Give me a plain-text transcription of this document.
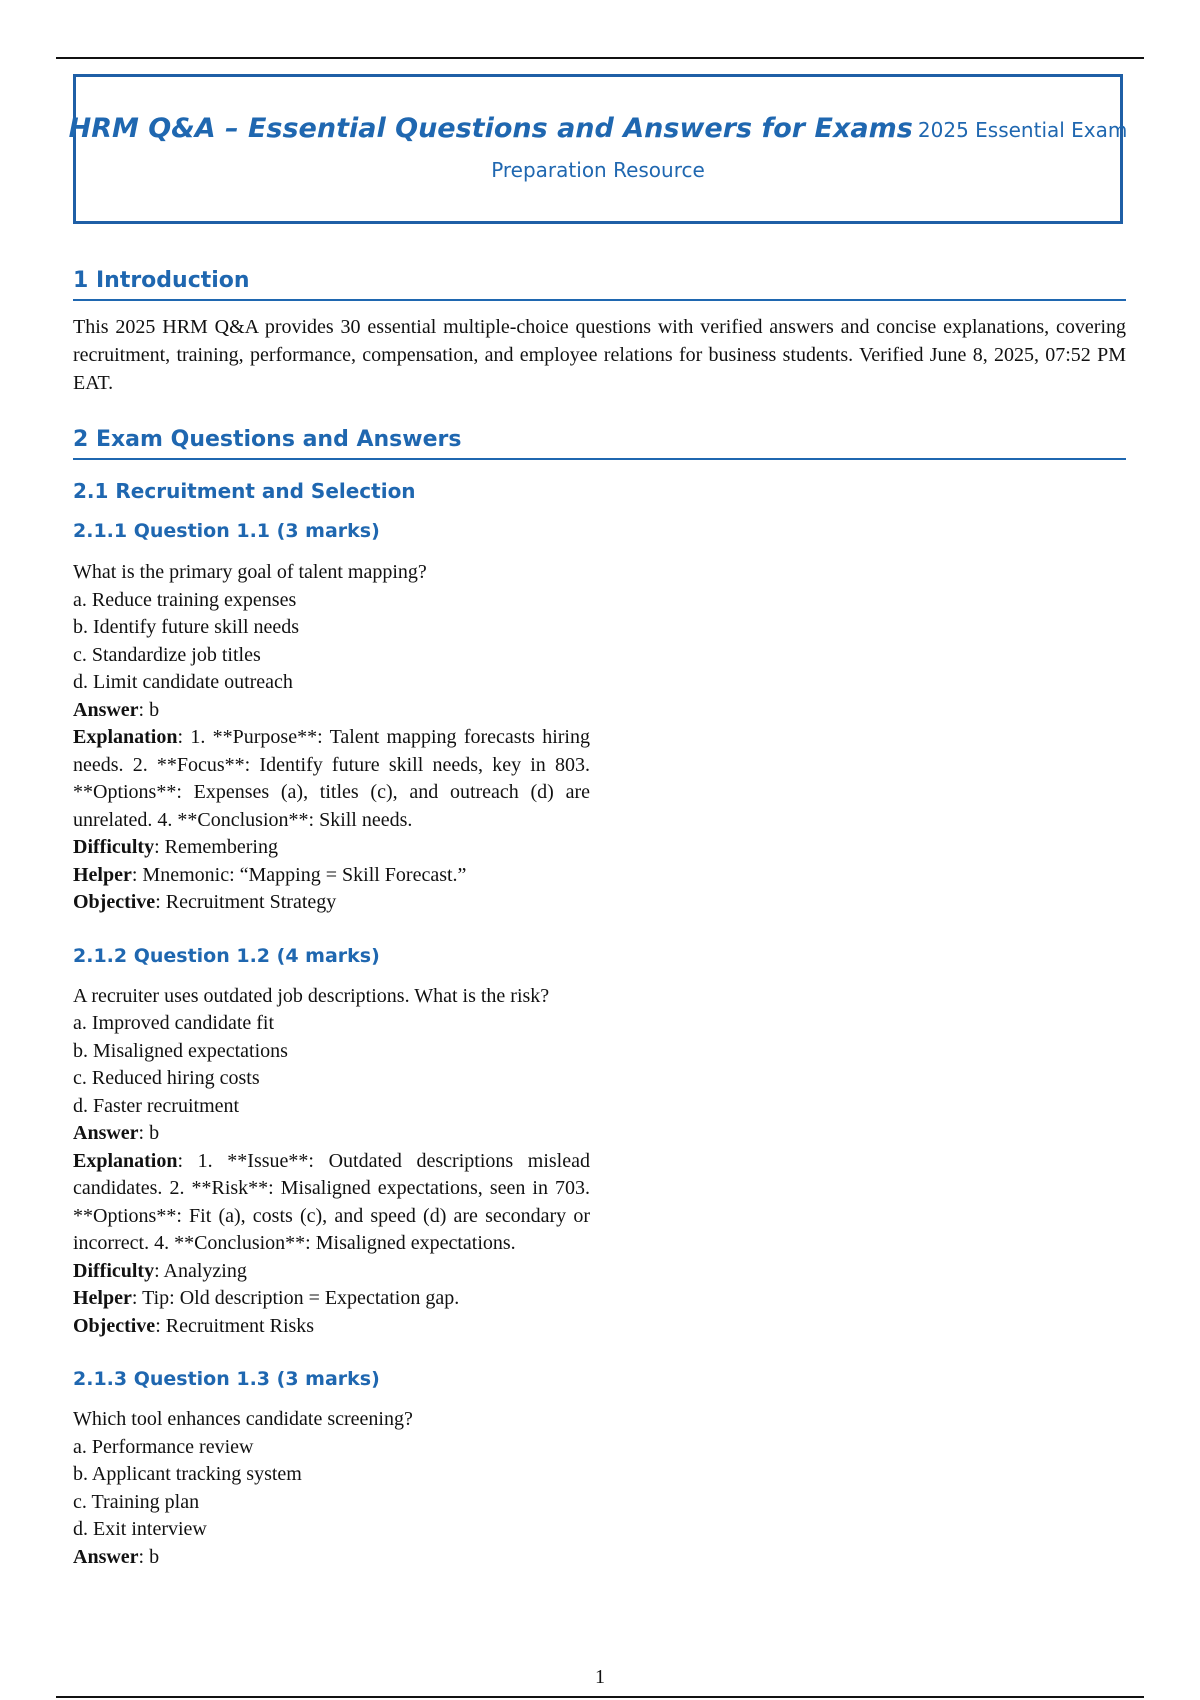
HRM Q&A – Essential Questions and Answers for Exams 2025 Essential Exam
Preparation Resource
1 Introduction

This 2025 HRM Q&A provides 30 essential multiple-choice questions with verified answers and concise explanations, covering recruitment, training, performance, compensation, and employee relations for business students. Verified June 8, 2025, 07:52 PM EAT.

2 Exam Questions and Answers
2.1 Recruitment and Selection
2.1.1 Question 1.1 (3 marks)
What is the primary goal of talent mapping?
a. Reduce training expenses
b. Identify future skill needs
c. Standardize job titles
d. Limit candidate outreach
Answer: b
Explanation: 1. **Purpose**: Talent mapping forecasts hiring needs. 2. **Focus**: Identify future skill needs, key in 803. **Options**: Expenses (a), titles (c), and outreach (d) are unrelated. 4. **Conclusion**: Skill needs.
Difficulty: Remembering
Helper: Mnemonic: “Mapping = Skill Forecast.”
Objective: Recruitment Strategy
2.1.2 Question 1.2 (4 marks)
A recruiter uses outdated job descriptions. What is the risk?
a. Improved candidate fit
b. Misaligned expectations
c. Reduced hiring costs
d. Faster recruitment
Answer: b
Explanation: 1. **Issue**: Outdated descriptions mislead candidates. 2. **Risk**: Misaligned expectations, seen in 703. **Options**: Fit (a), costs (c), and speed (d) are secondary or incorrect. 4. **Conclusion**: Misaligned expectations.
Difficulty: Analyzing
Helper: Tip: Old description = Expectation gap.
Objective: Recruitment Risks
2.1.3 Question 1.3 (3 marks)
Which tool enhances candidate screening?
a. Performance review
b. Applicant tracking system
c. Training plan
d. Exit interview
Answer: b
1
